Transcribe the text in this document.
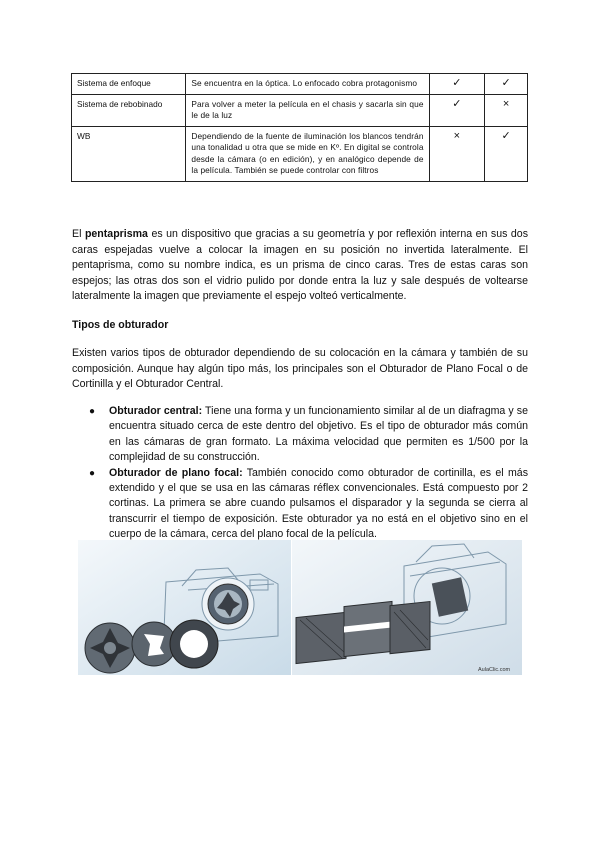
Sistema de enfoque	Se encuentra en la óptica. Lo enfocado cobra protagonismo	✓	✓
Sistema de rebobinado	Para volver a meter la película en el chasis y sacarla sin que le de la luz	✓	×
WB	Dependiendo de la fuente de iluminación los blancos tendrán una tonalidad u otra que se mide en Kº. En digital se controla desde la cámara (o en edición), y en analógico depende de la película. También se puede controlar con filtros	×	✓

El pentaprisma es un dispositivo que gracias a su geometría y por reflexión interna en sus dos caras espejadas vuelve a colocar la imagen en su posición no invertida lateralmente. El pentaprisma, como su nombre indica, es un prisma de cinco caras. Tres de estas caras son espejos; las otras dos son el vidrio pulido por donde entra la luz y sale después de voltearse lateralmente la imagen que previamente el espejo volteó verticalmente.

Tipos de obturador

Existen varios tipos de obturador dependiendo de su colocación en la cámara y también de su composición. Aunque hay algún tipo más, los principales son el Obturador de Plano Focal o de Cortinilla y el Obturador Central.

● Obturador central: Tiene una forma y un funcionamiento similar al de un diafragma y se encuentra situado cerca de este dentro del objetivo. Es el tipo de obturador más común en las cámaras de gran formato. La máxima velocidad que permiten es 1/500 por la complejidad de su construcción.
● Obturador de plano focal: También conocido como obturador de cortinilla, es el más extendido y el que se usa en las cámaras réflex convencionales. Está compuesto por 2 cortinas. La primera se abre cuando pulsamos el disparador y la segunda se cierra al transcurrir el tiempo de exposición. Este obturador ya no está en el objetivo sino en el cuerpo de la cámara, cerca del plano focal de la película.
AulaClic.com
